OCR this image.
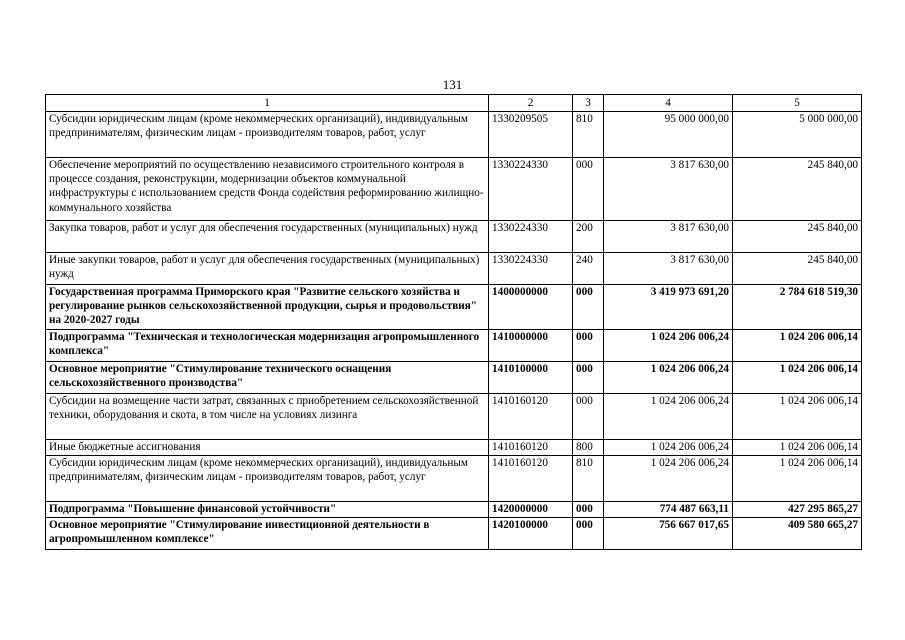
131
1	2	3	4	5
Субсидии юридическим лицам (кроме некоммерческих организаций), индивидуальным предпринимателям, физическим лицам - производителям товаров, работ, услуг	1330209505	810	95 000 000,00	5 000 000,00
Обеспечение мероприятий по осуществлению независимого строительного контроля в процессе создания, реконструкции, модернизации объектов коммунальной инфраструктуры с использованием средств Фонда содействия реформированию жилищно-коммунального хозяйства	1330224330	000	3 817 630,00	245 840,00
Закупка товаров, работ и услуг для обеспечения государственных (муниципальных) нужд	1330224330	200	3 817 630,00	245 840,00
Иные закупки товаров, работ и услуг для обеспечения государственных (муниципальных) нужд	1330224330	240	3 817 630,00	245 840,00
Государственная программа Приморского края "Развитие сельского хозяйства и регулирование рынков сельскохозяйственной продукции, сырья и продовольствия" на 2020-2027 годы	1400000000	000	3 419 973 691,20	2 784 618 519,30
Подпрограмма "Техническая и технологическая модернизация агропромышленного комплекса"	1410000000	000	1 024 206 006,24	1 024 206 006,14
Основное мероприятие "Стимулирование технического оснащения сельскохозяйственного производства"	1410100000	000	1 024 206 006,24	1 024 206 006,14
Субсидии на возмещение части затрат, связанных с приобретением сельскохозяйственной техники, оборудования и скота, в том числе на условиях лизинга	1410160120	000	1 024 206 006,24	1 024 206 006,14
Иные бюджетные ассигнования	1410160120	800	1 024 206 006,24	1 024 206 006,14
Субсидии юридическим лицам (кроме некоммерческих организаций), индивидуальным предпринимателям, физическим лицам - производителям товаров, работ, услуг	1410160120	810	1 024 206 006,24	1 024 206 006,14
Подпрограмма "Повышение финансовой устойчивости"	1420000000	000	774 487 663,11	427 295 865,27
Основное мероприятие "Стимулирование инвестиционной деятельности в агропромышленном комплексе"	1420100000	000	756 667 017,65	409 580 665,27
